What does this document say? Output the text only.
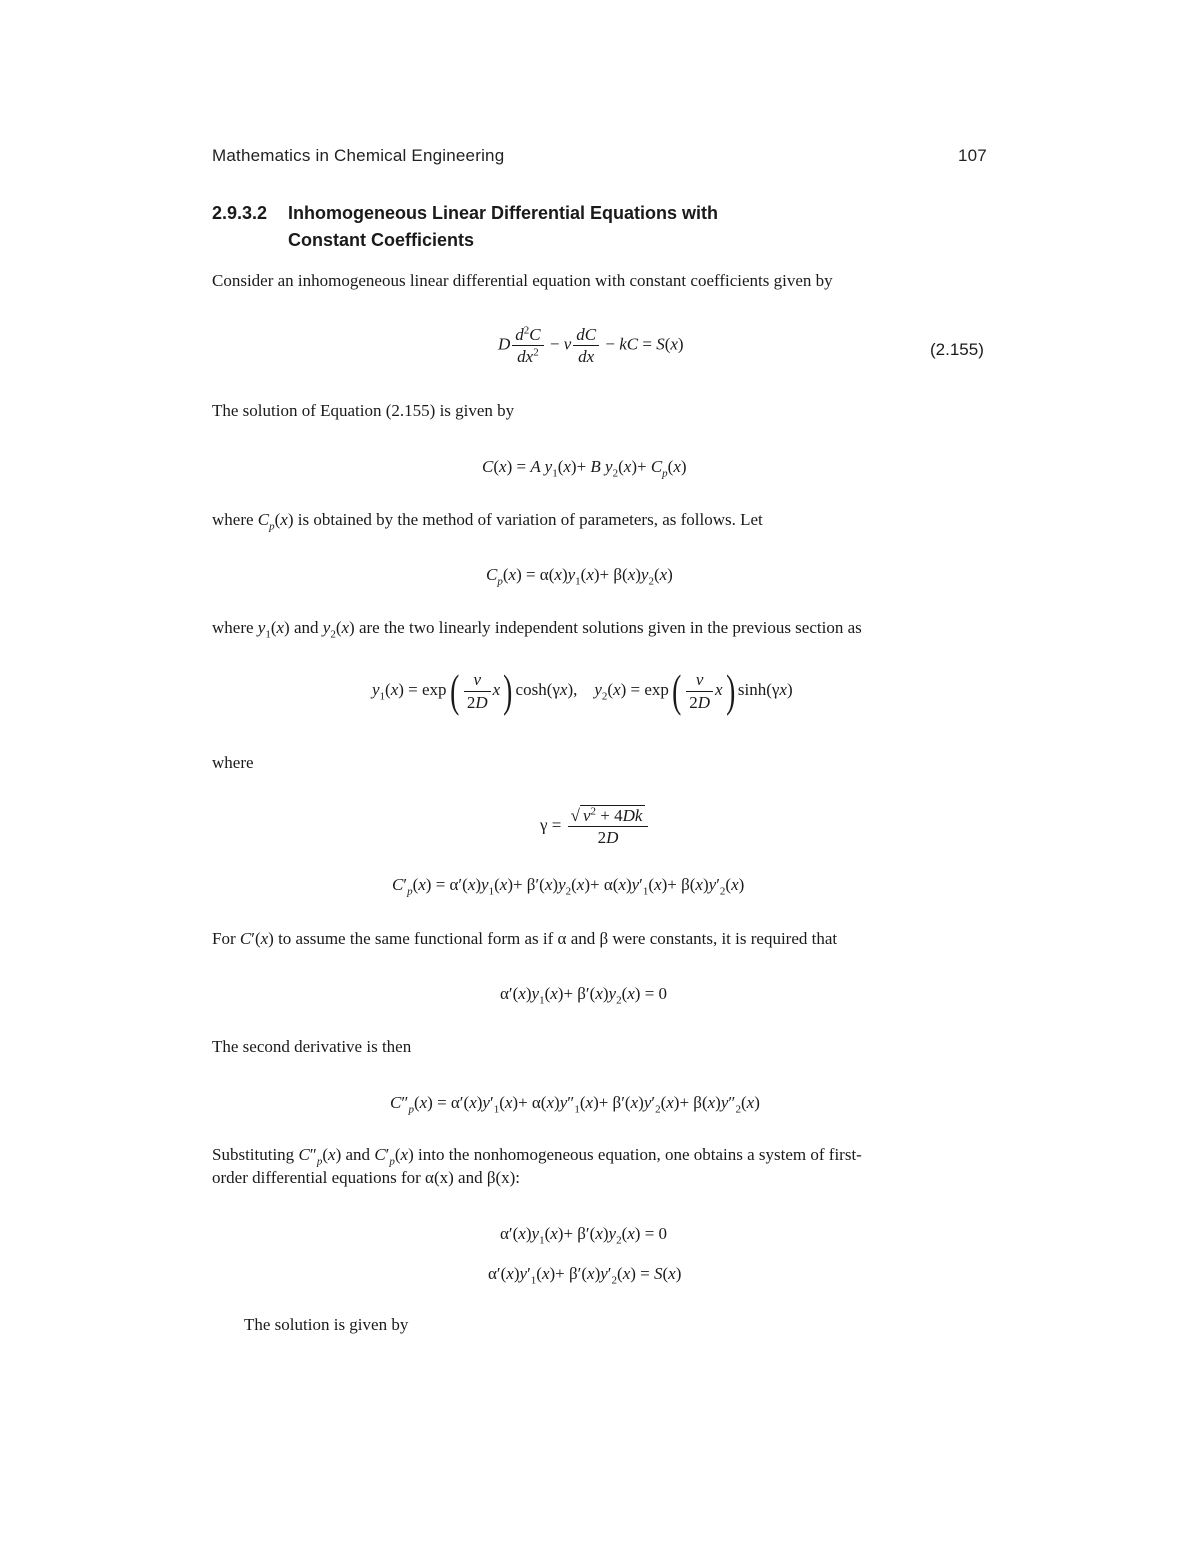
Mathematics in Chemical Engineering	107
2.9.3.2 Inhomogeneous Linear Differential Equations with
Constant Coefficients
Consider an inhomogeneous linear differential equation with constant coefficients given by
D $\frac{d^2C}{dx^2} - v \frac{dC}{dx}$ − kC = S(x)	(2.155)
The solution of Equation (2.155) is given by
C(x) = A $y_1(x)+ B$ $y_2(x)+ C_p(x)$
where $C_p(x)$ is obtained by the method of variation of parameters, as follows. Let
$C_p(x) = \alpha(x)y_1(x)+ \beta(x)y_2(x)$
where $y_1(x)$ and $y_2(x)$ are the two linearly independent solutions given in the previous section as
$y_1(x) = \exp( \frac{v}{2D} x)$ cosh(γx),    $y_2(x) = \exp( \frac{v}{2D} x)$ sinh(γx)
where
$\gamma = \frac{√ v^2 + 4Dk}{2D}$
$C'_p(x) = \alpha'(x)y_1(x)+ \beta'(x)y_2(x)+ \alpha(x)y'_1(x)+ \beta(x)y'_2(x)$
For C′(x) to assume the same functional form as if α and β were constants, it is required that
$\alpha'(x)y_1(x)+ \beta'(x)y_2(x) = 0$
The second derivative is then
$C''_p(x) = \alpha'(x)y'_1(x)+ \alpha(x)y''_1(x)+ \beta'(x)y'_2(x)+ \beta(x)y''_2(x)$
Substituting $C''_p(x)$ and $C'_p(x)$ into the nonhomogeneous equation, one obtains a system of first-
order differential equations for α(x) and β(x):
$\alpha'(x)y_1(x)+ \beta'(x)y_2(x) = 0$
$\alpha'(x)y'_1(x)+ \beta'(x)y'_2(x) = S(x)$
The solution is given by
